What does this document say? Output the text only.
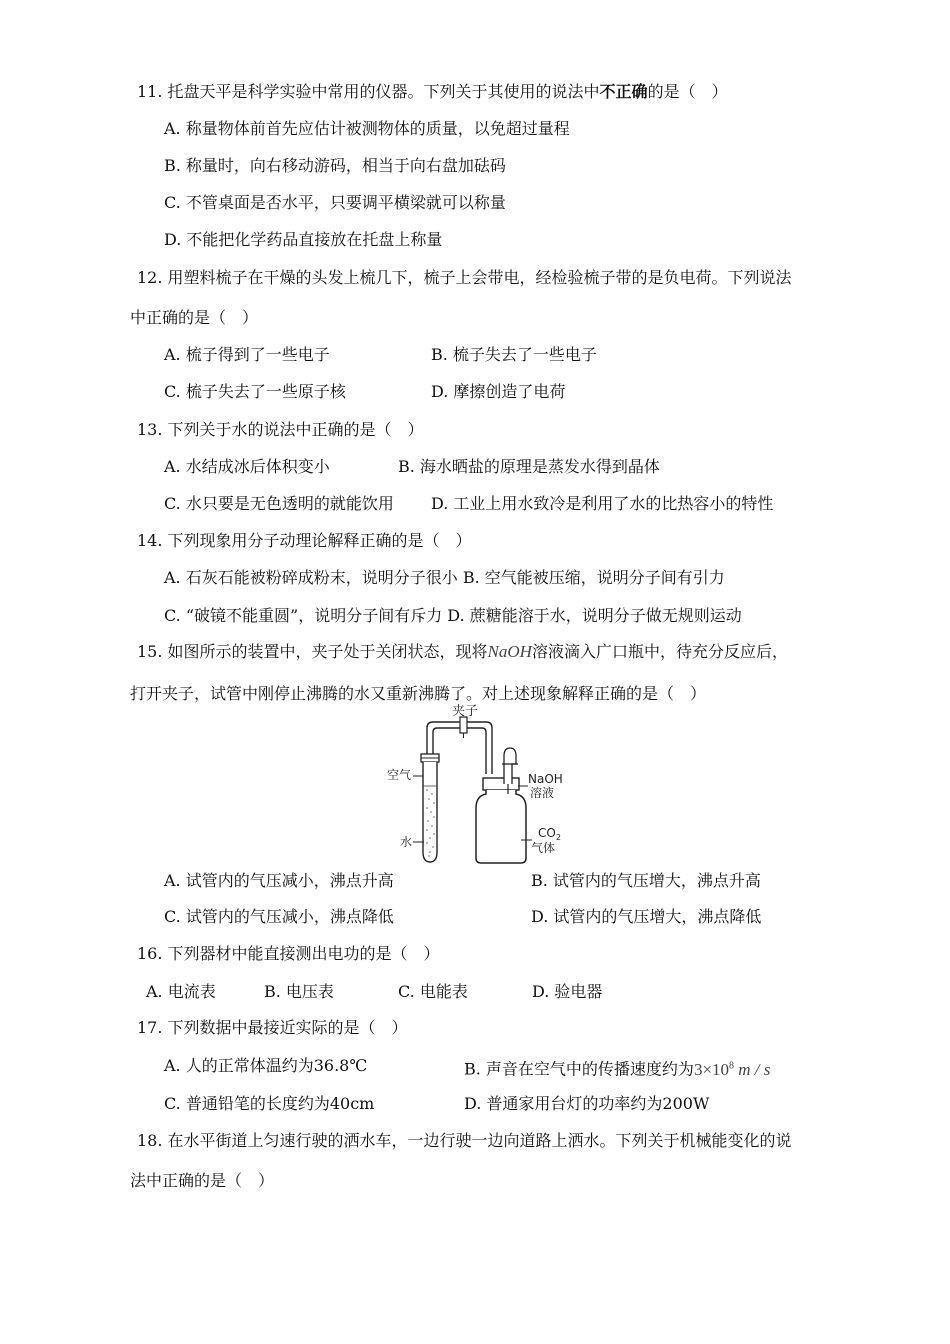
11. 托盘天平是科学实验中常用的仪器。下列关于其使用的说法中不正确的是（　）
A. 称量物体前首先应估计被测物体的质量，以免超过量程
B. 称量时，向右移动游码，相当于向右盘加砝码
C. 不管桌面是否水平，只要调平横梁就可以称量
D. 不能把化学药品直接放在托盘上称量
12. 用塑料梳子在干燥的头发上梳几下，梳子上会带电，经检验梳子带的是负电荷。下列说法
中正确的是（　）
A. 梳子得到了一些电子	B. 梳子失去了一些电子
C. 梳子失去了一些原子核	D. 摩擦创造了电荷
13. 下列关于水的说法中正确的是（　）
A. 水结成冰后体积变小	B. 海水晒盐的原理是蒸发水得到晶体
C. 水只要是无色透明的就能饮用 D. 工业上用水致冷是利用了水的比热容小的特性
14. 下列现象用分子动理论解释正确的是（　）
A. 石灰石能被粉碎成粉末，说明分子很小 B. 空气能被压缩，说明分子间有引力
C. “破镜不能重圆”，说明分子间有斥力 D. 蔗糖能溶于水，说明分子做无规则运动
15. 如图所示的装置中，夹子处于关闭状态，现将NaOH溶液滴入广口瓶中，待充分反应后，
打开夹子，试管中刚停止沸腾的水又重新沸腾了。对上述现象解释正确的是（　）
夹子
空气
水
NaOH
溶液
$CO_2$
气体
A. 试管内的气压减小，沸点升高	B. 试管内的气压增大，沸点升高
C. 试管内的气压减小，沸点降低	D. 试管内的气压增大，沸点降低
16. 下列器材中能直接测出电功的是（　）
A. 电流表	B. 电压表	C. 电能表	D. 验电器
17. 下列数据中最接近实际的是（　）
A. 人的正常体温约为36.8℃	B. 声音在空气中的传播速度约为$3\times 10^8$ m / s
C. 普通铅笔的长度约为40cm	D. 普通家用台灯的功率约为200W
18. 在水平街道上匀速行驶的洒水车，一边行驶一边向道路上洒水。下列关于机械能变化的说
法中正确的是（　）
